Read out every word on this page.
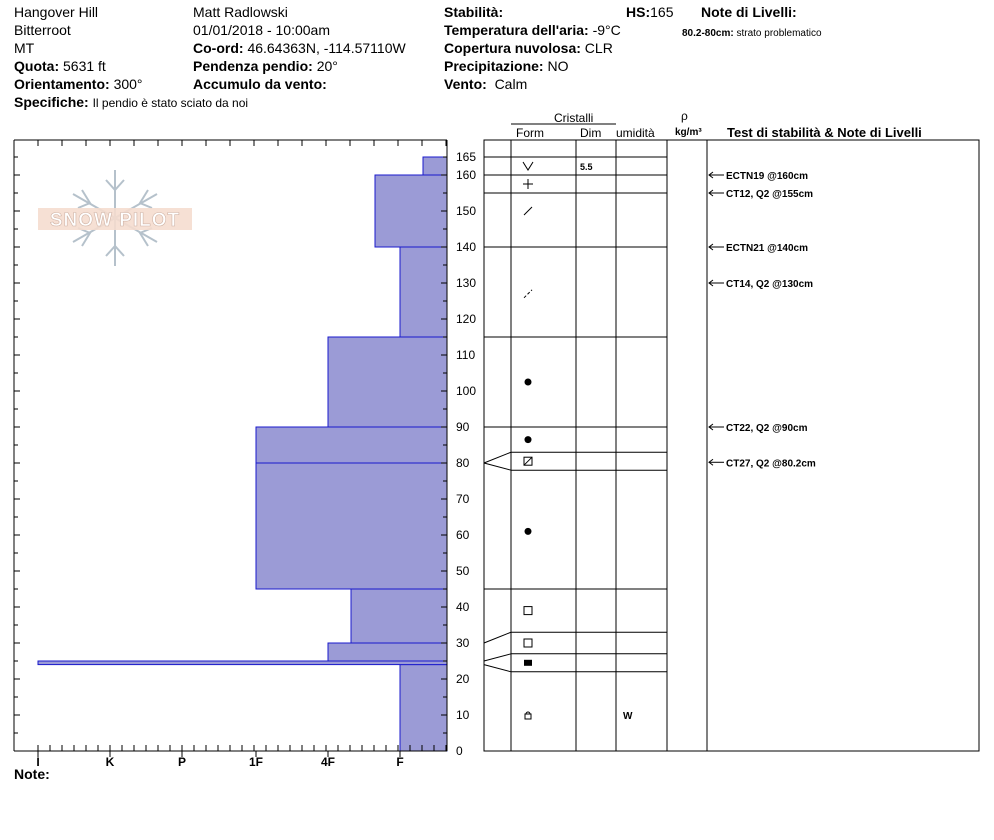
Hangover Hill
Bitterroot
MT
Quota: 5631 ft
Orientamento: 300°
Specifiche: Il pendio è stato sciato da noi
Matt Radlowski
01/01/2018 - 10:00am
Co-ord: 46.64363N, -114.57110W
Pendenza pendio: 20°
Accumulo da vento:
Stabilità:
Temperatura dell'aria: -9°C
Copertura nuvolosa: CLR
Precipitazione: NO
Vento: Calm
HS:165 Note di Livelli:
80.2-80cm: strato problematico
Cristalli
Form	Dim umidità
ρ
kg/m³ Test di stabilità & Note di Livelli
Note:
SNOW PILOT
0
10
20
30
40
50
60
70
80
90
100
110
120
130
140
150
160
165
I	K	P	1F	4F	F
5.5
W
ECTN19 @160cm
CT12, Q2 @155cm
ECTN21 @140cm
CT14, Q2 @130cm
CT22, Q2 @90cm
CT27, Q2 @80.2cm
